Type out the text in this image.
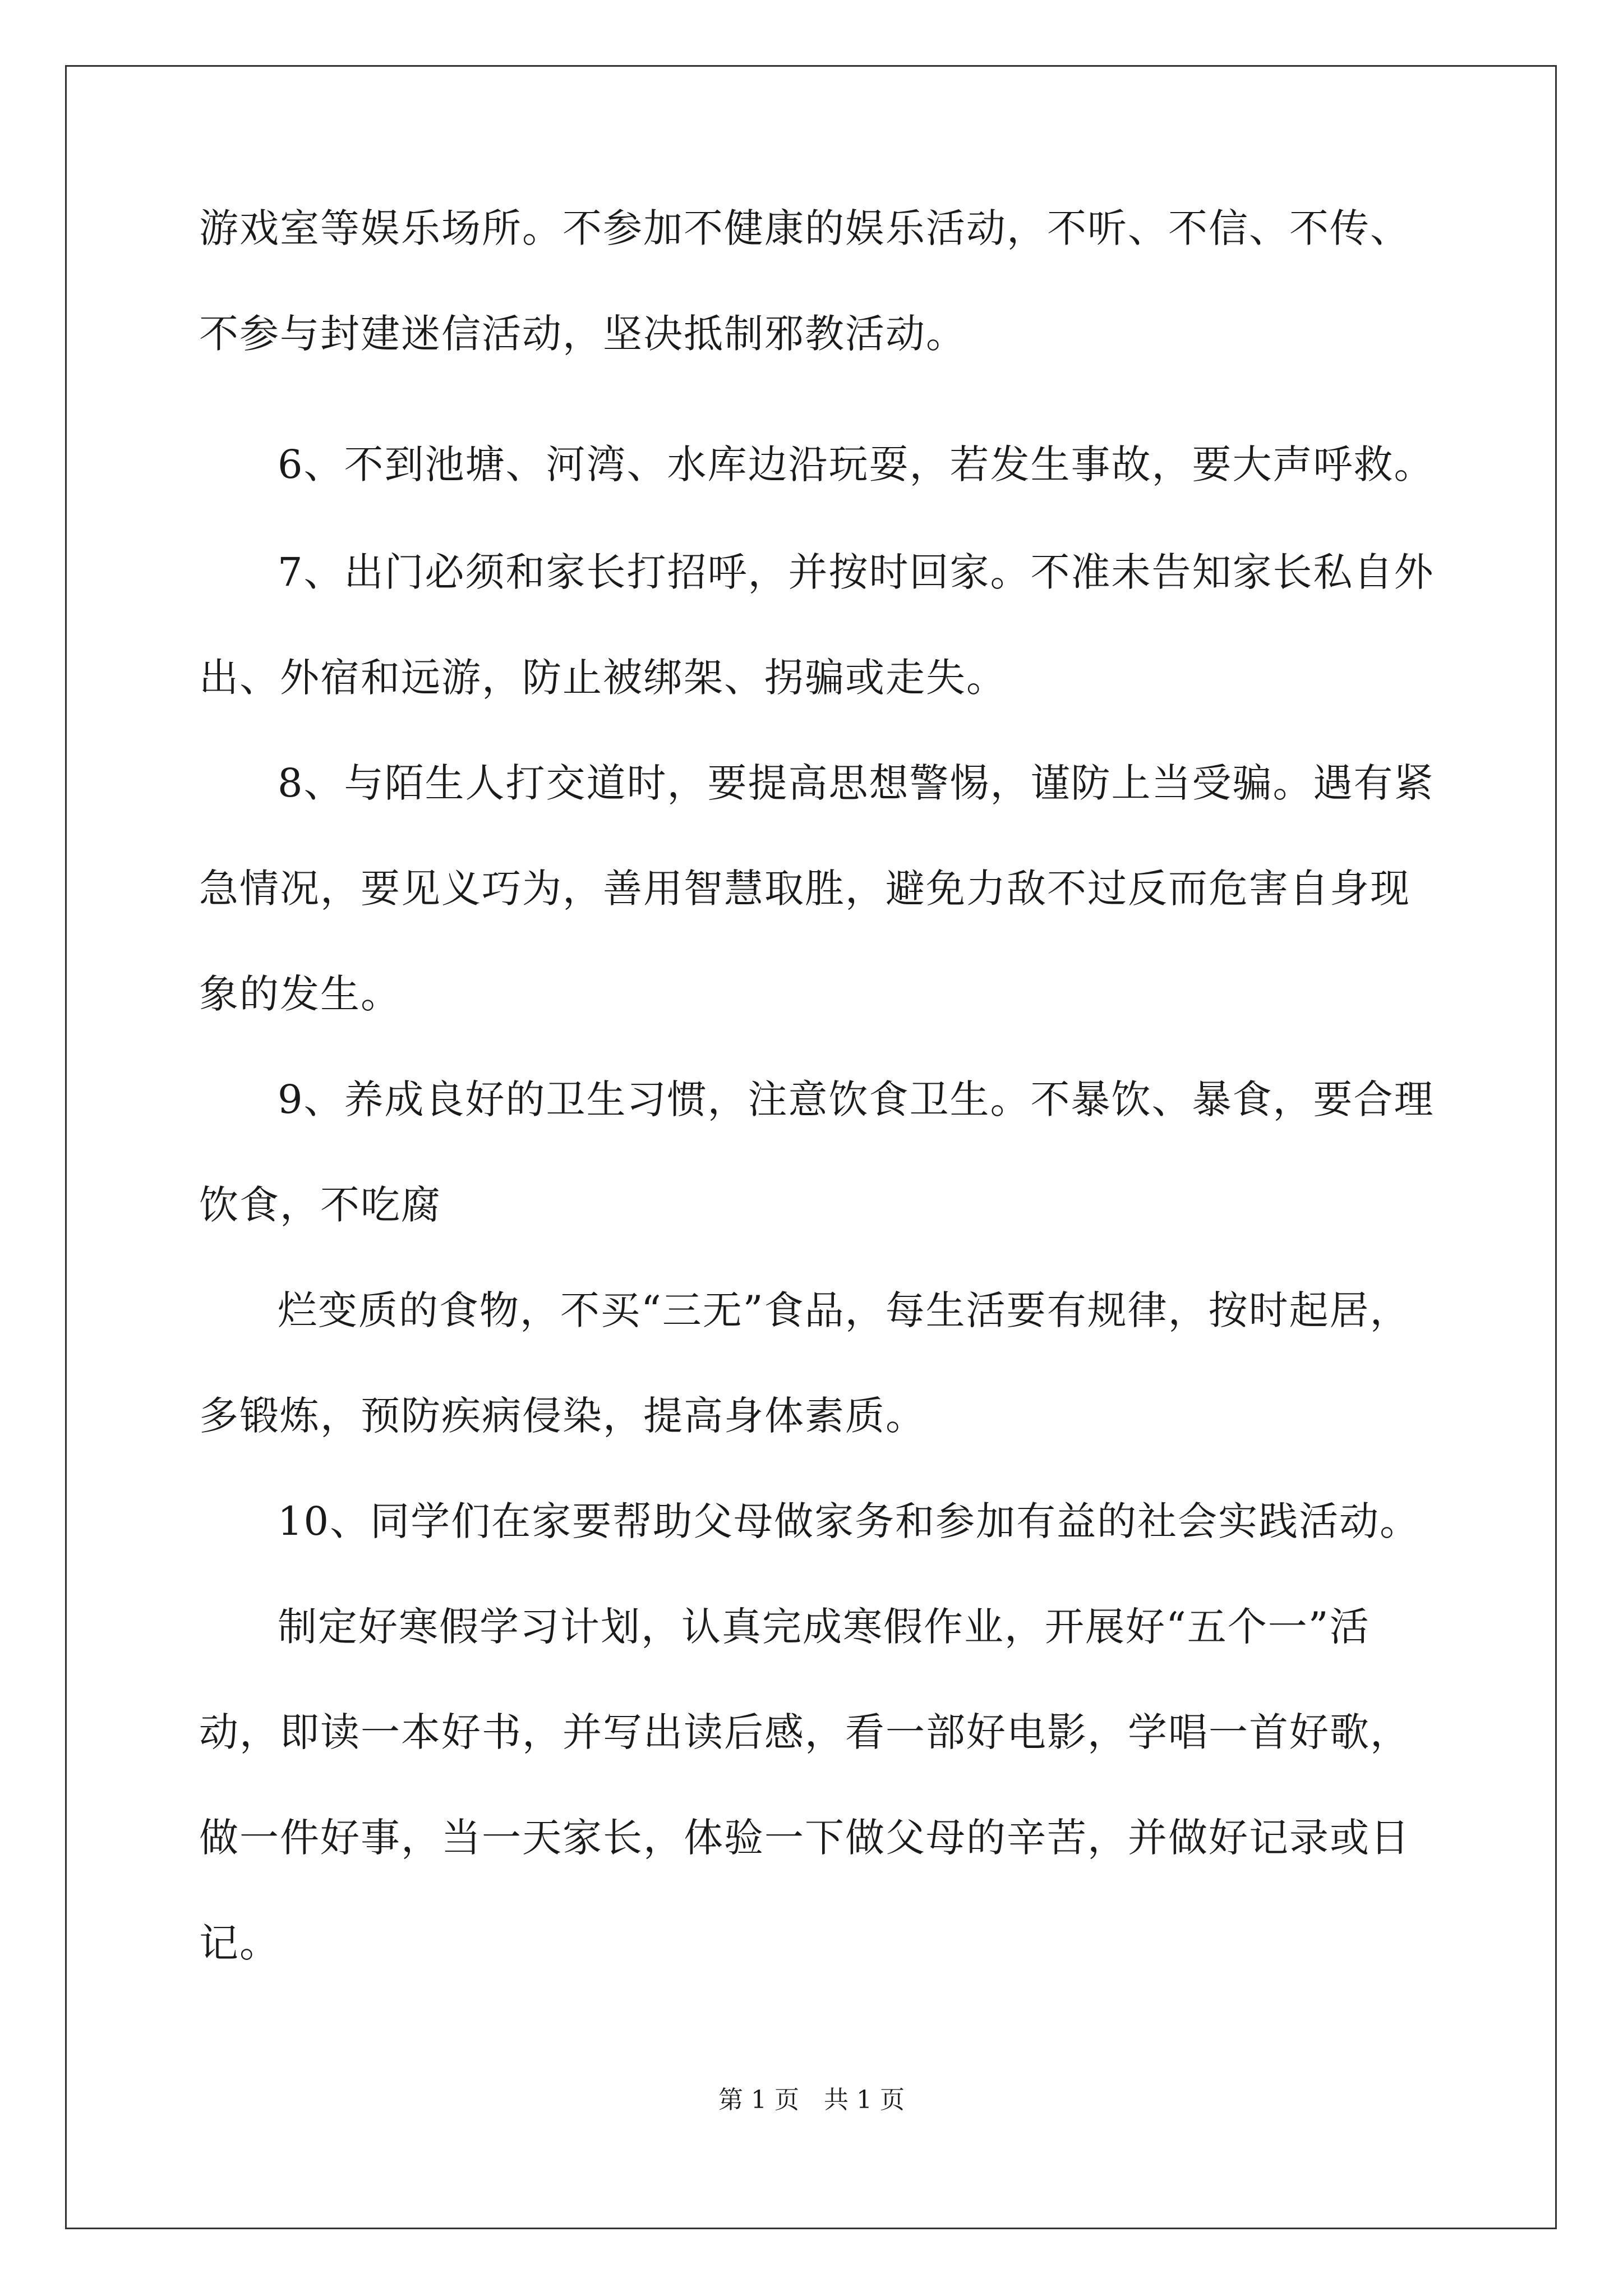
游戏室等娱乐场所。不参加不健康的娱乐活动，不听、不信、不传、
不参与封建迷信活动，坚决抵制邪教活动。
6、不到池塘、河湾、水库边沿玩耍，若发生事故，要大声呼救。
7、出门必须和家长打招呼，并按时回家。不准未告知家长私自外
出、外宿和远游，防止被绑架、拐骗或走失。
8、与陌生人打交道时，要提高思想警惕，谨防上当受骗。遇有紧
急情况，要见义巧为，善用智慧取胜，避免力敌不过反而危害自身现
象的发生。
9、养成良好的卫生习惯，注意饮食卫生。不暴饮、暴食，要合理
饮食，不吃腐
烂变质的食物，不买“三无”食品，每生活要有规律，按时起居，
多锻炼，预防疾病侵染，提高身体素质。
10、同学们在家要帮助父母做家务和参加有益的社会实践活动。
制定好寒假学习计划，认真完成寒假作业，开展好“五个一”活
动，即读一本好书，并写出读后感，看一部好电影，学唱一首好歌，
做一件好事，当一天家长，体验一下做父母的辛苦，并做好记录或日
记。
第 1 页　共 1 页
